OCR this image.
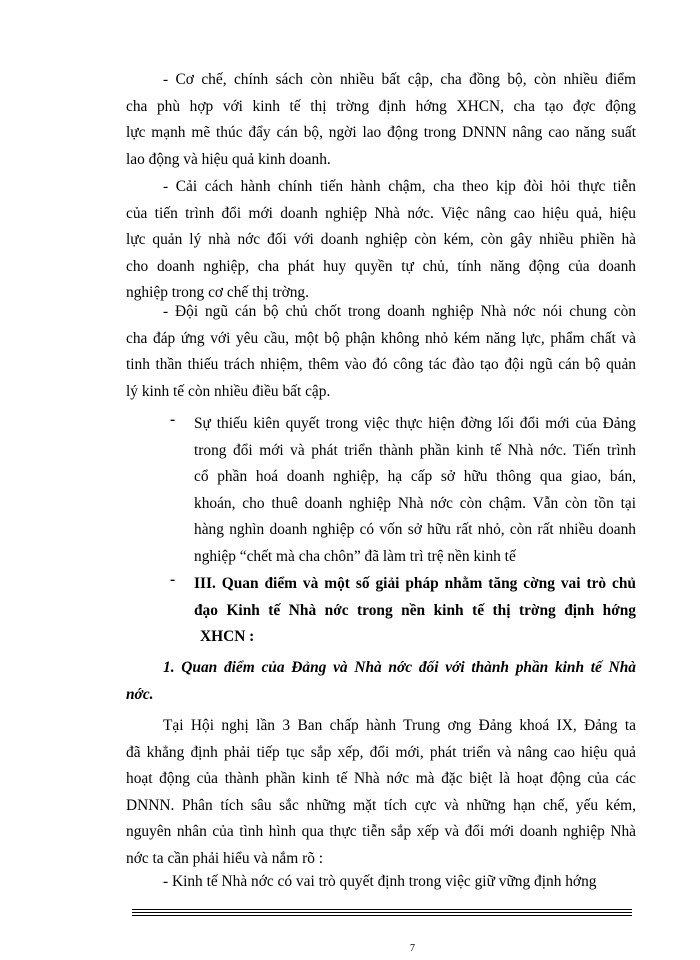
- Cơ chế, chính sách còn nhiều bất cập, cha đồng bộ, còn nhiều điểm
cha phù hợp với kinh tế thị trờng định hớng XHCN, cha tạo đợc động
lực mạnh mẽ thúc đẩy cán bộ, ngời lao động trong DNNN nâng cao năng suất
lao động và hiệu quả kinh doanh.
- Cải cách hành chính tiến hành chậm, cha theo kịp đòi hỏi thực tiễn
của tiến trình đổi mới doanh nghiệp Nhà nớc. Việc nâng cao hiệu quả, hiệu
lực quản lý nhà nớc đối với doanh nghiệp còn kém, còn gây nhiều phiền hà
cho doanh nghiệp, cha phát huy quyền tự chủ, tính năng động của doanh
nghiệp trong cơ chế thị trờng.
- Đội ngũ cán bộ chủ chốt trong doanh nghiệp Nhà nớc nói chung còn
cha đáp ứng với yêu cầu, một bộ phận không nhỏ kém năng lực, phẩm chất và
tinh thần thiếu trách nhiệm, thêm vào đó công tác đào tạo đội ngũ cán bộ quản
lý kinh tế còn nhiều điều bất cập.
-	Sự thiếu kiên quyết trong việc thực hiện đờng lối đổi mới của Đảng
trong đổi mới và phát triển thành phần kinh tế Nhà nớc. Tiến trình
cổ phần hoá doanh nghiệp, hạ cấp sở hữu thông qua giao, bán,
khoán, cho thuê doanh nghiệp Nhà nớc còn chậm. Vẫn còn tồn tại
hàng nghìn doanh nghiệp có vốn sở hữu rất nhỏ, còn rất nhiều doanh
nghiệp “chết mà cha chôn” đã làm trì trệ nền kinh tế
-	III. Quan điểm và một số giải pháp nhằm tăng cờng vai trò chủ
đạo Kinh tế Nhà nớc trong nền kinh tế thị trờng định hớng
XHCN :
1. Quan điểm của Đảng và Nhà nớc đối với thành phần kinh tế Nhà
nớc.
Tại Hội nghị lần 3 Ban chấp hành Trung ơng Đảng khoá IX, Đảng ta
đã khẳng định phải tiếp tục sắp xếp, đổi mới, phát triển và nâng cao hiệu quả
hoạt động của thành phần kinh tế Nhà nớc mà đặc biệt là hoạt động của các
DNNN. Phân tích sâu sắc những mặt tích cực và những hạn chế, yếu kém,
nguyên nhân của tình hình qua thực tiễn sắp xếp và đổi mới doanh nghiệp Nhà
nớc ta cần phải hiểu và nắm rõ :
- Kinh tế Nhà nớc có vai trò quyết định trong việc giữ vững định hớng
7
